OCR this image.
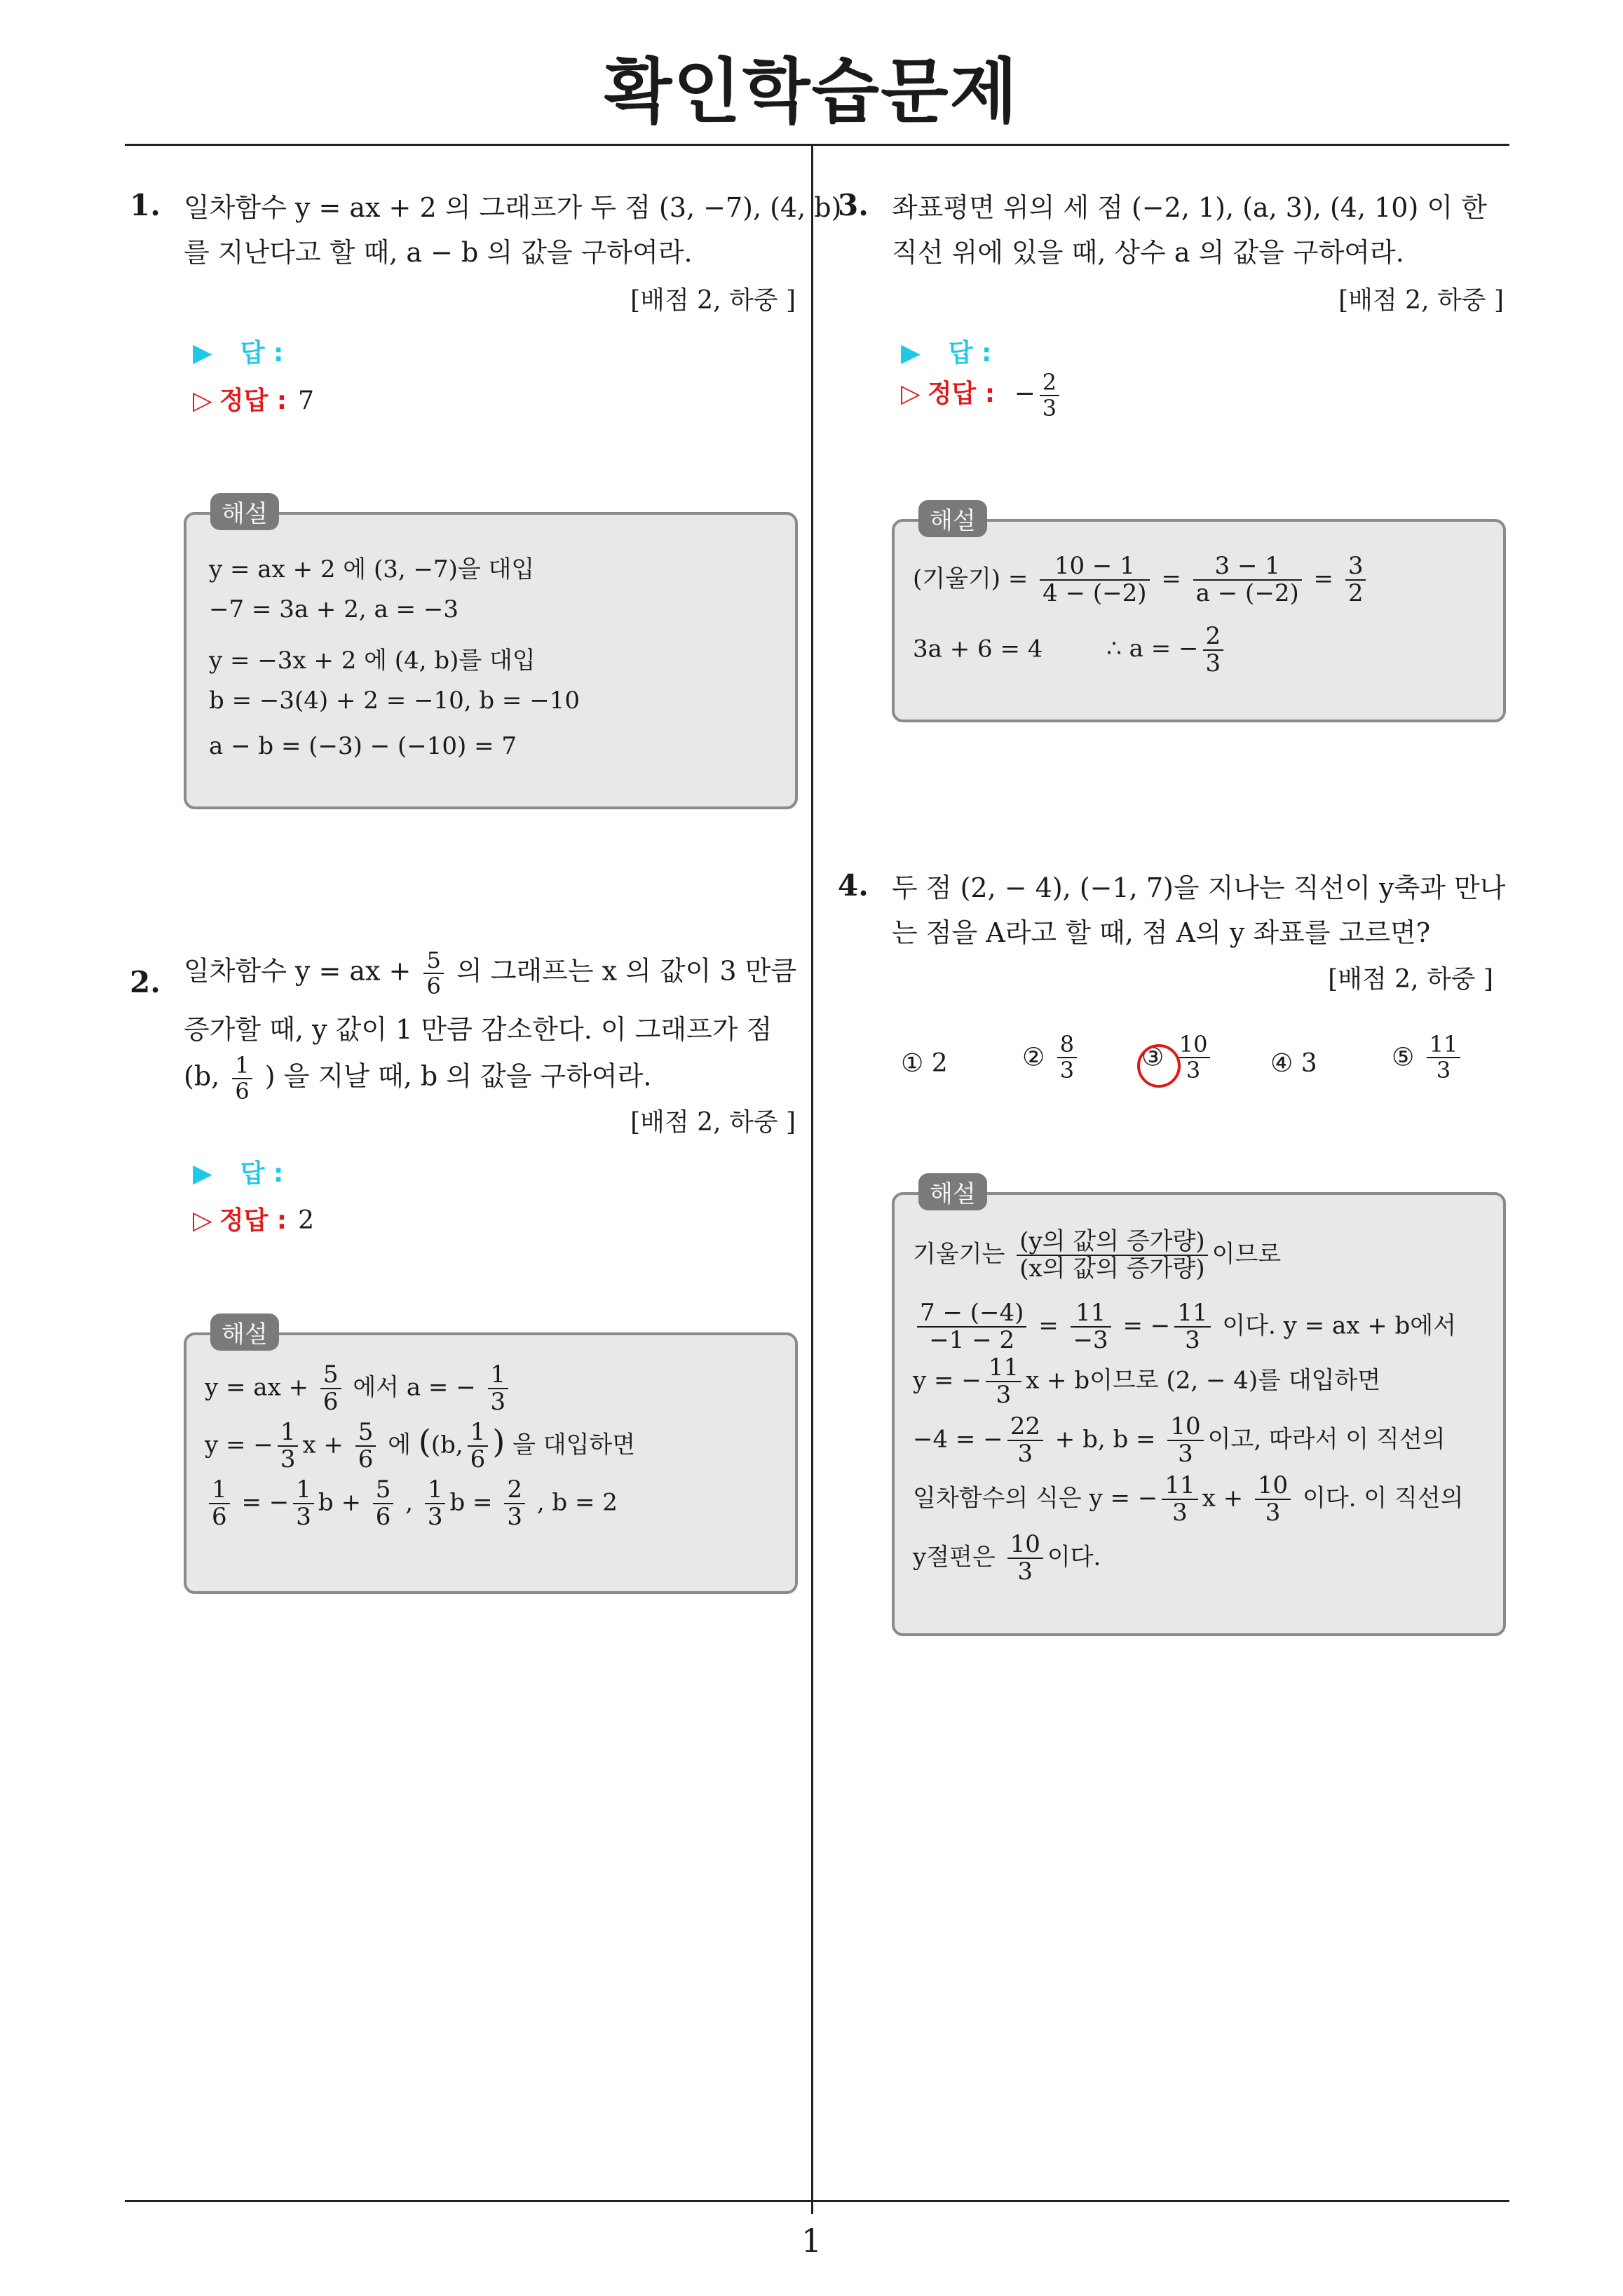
확인학습문제
1
1. 일차함수 y = ax + 2 의 그래프가 두 점 (3, −7), (4, b)
를 지난다고 할 때, a − b 의 값을 구하여라.
[배점 2, 하중 ]
▶ 답 :
▷ 정답 : 7
y = ax + 2 에 (3, −7)을 대입
−7 = 3a + 2, a = −3
y = −3x + 2 에 (4, b)를 대입
b = −3(4) + 2 = −10, b = −10
a − b = (−3) − (−10) = 7
해설
2. 일차함수 y = ax + $\frac{5}{6}$ 의 그래프는 x 의 값이 3 만큼
증가할 때, y 값이 1 만큼 감소한다. 이 그래프가 점
(b, $\frac{1}{6}$ ) 을 지날 때, b 의 값을 구하여라.
[배점 2, 하중 ]
▶ 답 :
▷ 정답 : 2
y = ax + $\frac{5}{6}$ 에서 a = − $\frac{1}{3}$
y = − $\frac{1}{3}$ $x + \frac{5}{6}$ 에 ((b, $\frac{1}{6}$ ) 을 대입하면
$\frac{1}{6}$ = − $\frac{1}{3}$ $b + \frac{5}{6}$ , $\frac{1}{3}$ $b = \frac{2}{3}$ , b = 2
해설
3. 좌표평면 위의 세 점 (−2, 1), (a, 3), (4, 10) 이 한
직선 위에 있을 때, 상수 a 의 값을 구하여라.
[배점 2, 하중 ]
▶ 답 :
▷ 정답 : − $\frac{2}{3}$
(기울기) = $\frac{10 - 1}{4 - (-2)} = \frac{3 - 1}{a - (-2)} = \frac{3}{2}$
3a + 6 = 4	∴ a = − $\frac{2}{3}$
해설
4. 두 점 (2, − 4), (−1, 7)을 지나는 직선이 y축과 만나
는 점을 A라고 할 때, 점 A의 y 좌표를 고르면?
[배점 2, 하중 ]
① 2	② $\frac{8}{3}$	③ $\frac{10}{3}$ ④ 3	⑤ $\frac{11}{3}$
기울기는 $\frac{\text{(y의 값의 증가량)}}{\text{(x의 값의 증가량)}}$ 이므로
$\frac{7 - (-4)}{-1 - 2} = \frac{11}{-3}$ = − $\frac{11}{3}$ 이다. y = ax + b에서
y = − $\frac{11}{3}$ x + b이므로 (2, − 4)를 대입하면
−4 = − $\frac{22}{3} + b$, $b = \frac{10}{3}$ 이고, 따라서 이 직선의
일차함수의 식은 y = − $\frac{11}{3}$ $x + \frac{10}{3}$ 이다. 이 직선의
y절편은 $\frac{10}{3}$ 이다.
해설
